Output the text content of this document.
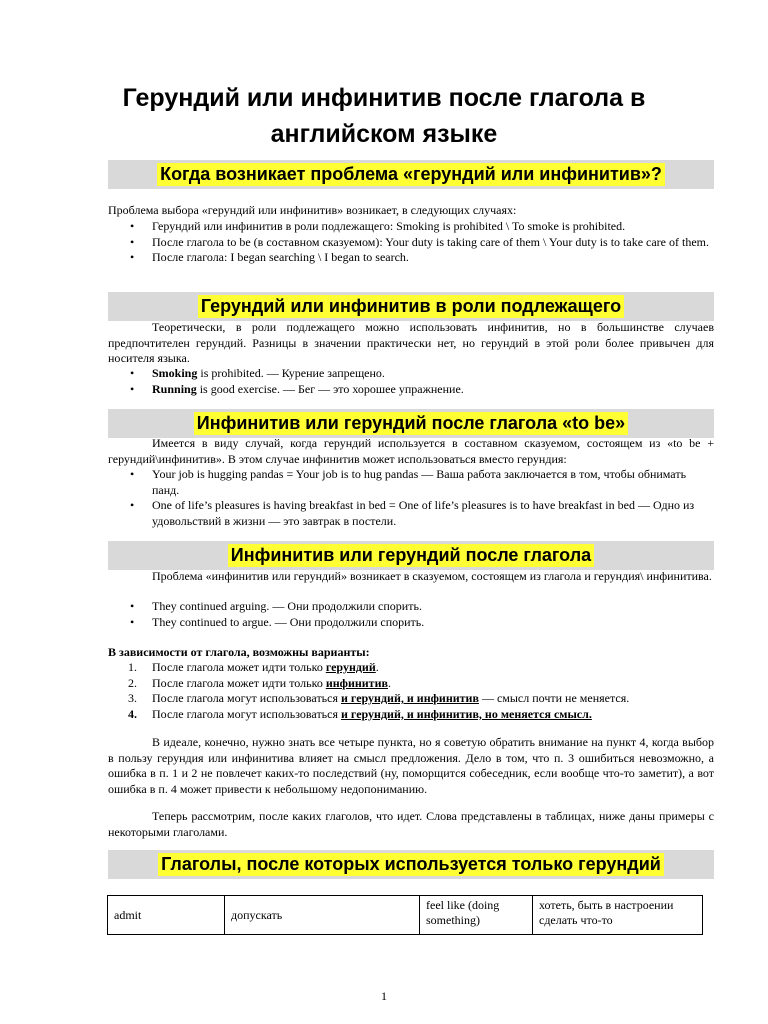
Герундий или инфинитив после глагола в английском языке
Когда возникает проблема «герундий или инфинитив»?

Проблема выбора «герундий или инфинитив» возникает, в следующих случаях:

• Герундий или инфинитив в роли подлежащего: Smoking is prohibited \ To smoke is prohibited.
• После глагола to be (в составном сказуемом): Your duty is taking care of them \ Your duty is to take care of them.
• После глагола: I began searching \ I began to search.
Герундий или инфинитив в роли подлежащего

Теоретически, в роли подлежащего можно использовать инфинитив, но в большинстве случаев предпочтителен герундий. Разницы в значении практически нет, но герундий в этой роли более привычен для носителя языка.

• Smoking is prohibited. — Курение запрещено.
• Running is good exercise. — Бег — это хорошее упражнение.
Инфинитив или герундий после глагола «to be»

Имеется в виду случай, когда герундий используется в составном сказуемом, состоящем из «to be + герундий\инфинитив». В этом случае инфинитив может использоваться вместо герундия:

• Your job is hugging pandas = Your job is to hug pandas — Ваша работа заключается в том, чтобы обнимать панд.
• One of life’s pleasures is having breakfast in bed = One of life’s pleasures is to have breakfast in bed — Одно из удовольствий в жизни — это завтрак в постели.
Инфинитив или герундий после глагола

Проблема «инфинитив или герундий» возникает в сказуемом, состоящем из глагола и герундия\ инфинитива.

• They continued arguing. — Они продолжили спорить.
• They continued to argue. — Они продолжили спорить.

В зависимости от глагола, возможны варианты:

1. После глагола может идти только герундий.
2. После глагола может идти только инфинитив.
3. После глагола могут использоваться и герундий, и инфинитив — смысл почти не меняется.
4. После глагола могут использоваться и герундий, и инфинитив, но меняется смысл.

В идеале, конечно, нужно знать все четыре пункта, но я советую обратить внимание на пункт 4, когда выбор в пользу герундия или инфинитива влияет на смысл предложения. Дело в том, что п. 3 ошибиться невозможно, а ошибка в п. 1 и 2 не повлечет каких-то последствий (ну, поморщится собеседник, если вообще что-то заметит), а вот ошибка в п. 4 может привести к небольшому недопониманию.

Теперь рассмотрим, после каких глаголов, что идет. Слова представлены в таблицах, ниже даны примеры с некоторыми глаголами.

Глаголы, после которых используется только герундий
admit	допускать	feel like (doing something)	хотеть, быть в настроении сделать что-то
1
